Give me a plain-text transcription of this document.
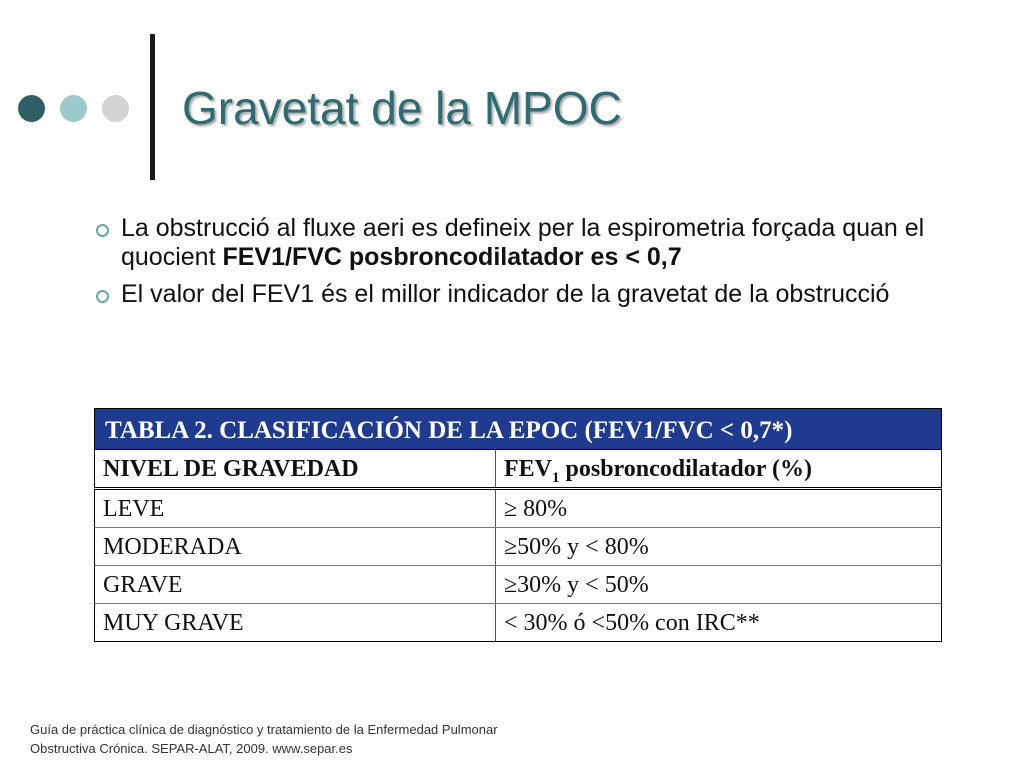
Gravetat de la MPOC
La obstrucció al fluxe aeri es defineix per la espirometria forçada quan el quocient FEV1/FVC posbroncodilatador es < 0,7
El valor del FEV1 és el millor indicador de la gravetat de la obstrucció
TABLA 2. CLASIFICACIÓN DE LA EPOC (FEV1/FVC < 0,7*)
NIVEL DE GRAVEDAD	$FEV_1$ posbroncodilatador (%)
LEVE	≥ 80%
MODERADA	≥50% y < 80%
GRAVE	≥30% y < 50%
MUY GRAVE	< 30% ó <50% con IRC**
Guía de práctica clínica de diagnóstico y tratamiento de la Enfermedad Pulmonar
Obstructiva Crónica. SEPAR-ALAT, 2009. www.separ.es
